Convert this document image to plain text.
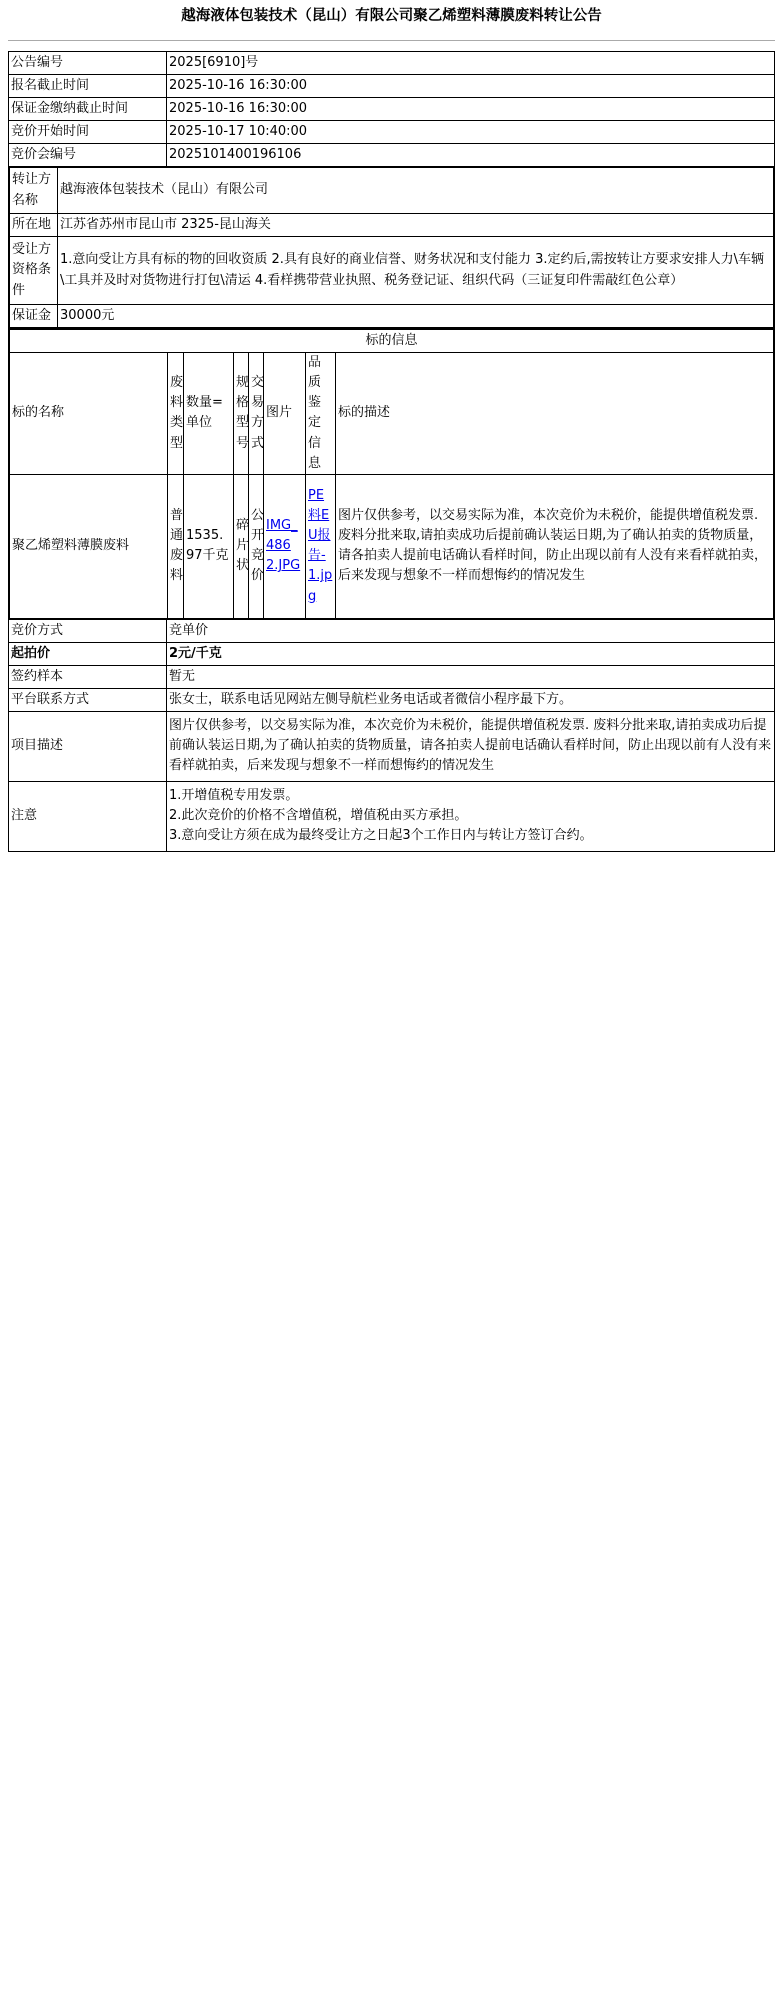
越海液体包装技术（昆山）有限公司聚乙烯塑料薄膜废料转让公告
公告编号	2025[6910]号
报名截止时间	2025-10-16 16:30:00
保证金缴纳截止时间	2025-10-16 16:30:00
竞价开始时间	2025-10-17 10:40:00
竞价会编号	2025101400196106

转让方名称	越海液体包装技术（昆山）有限公司
所在地	江苏省苏州市昆山市 2325-昆山海关
受让方资格条件	1.意向受让方具有标的物的回收资质 2.具有良好的商业信誉、财务状况和支付能力 3.定约后,需按转让方要求安排人力\车辆\工具并及时对货物进行打包\清运 4.看样携带营业执照、税务登记证、组织代码（三证复印件需敲红色公章）
保证金	30000元

标的信息
标的名称	废料类型	数量=单位	规格型号	交易方式	图片	品质鉴定信息	标的描述
聚乙烯塑料薄膜废料	普通废料	1535.97千克	碎片状	公开竞价	IMG_4862.JPG	PE料EU报告-1.jpg	图片仅供参考，以交易实际为准，本次竞价为未税价，能提供增值税发票. 废料分批来取,请拍卖成功后提前确认装运日期,为了确认拍卖的货物质量，请各拍卖人提前电话确认看样时间，防止出现以前有人没有来看样就拍卖，后来发现与想象不一样而想悔约的情况发生

竞价方式	竞单价
起拍价	2元/千克
签约样本	暂无
平台联系方式	张女士，联系电话见网站左侧导航栏业务电话或者微信小程序最下方。
项目描述	图片仅供参考，以交易实际为准，本次竞价为未税价，能提供增值税发票. 废料分批来取,请拍卖成功后提前确认装运日期,为了确认拍卖的货物质量，请各拍卖人提前电话确认看样时间，防止出现以前有人没有来看样就拍卖，后来发现与想象不一样而想悔约的情况发生
注意	
1.开增值税专用发票。
2.此次竞价的价格不含增值税，增值税由买方承担。
3.意向受让方须在成为最终受让方之日起3个工作日内与转让方签订合约。
